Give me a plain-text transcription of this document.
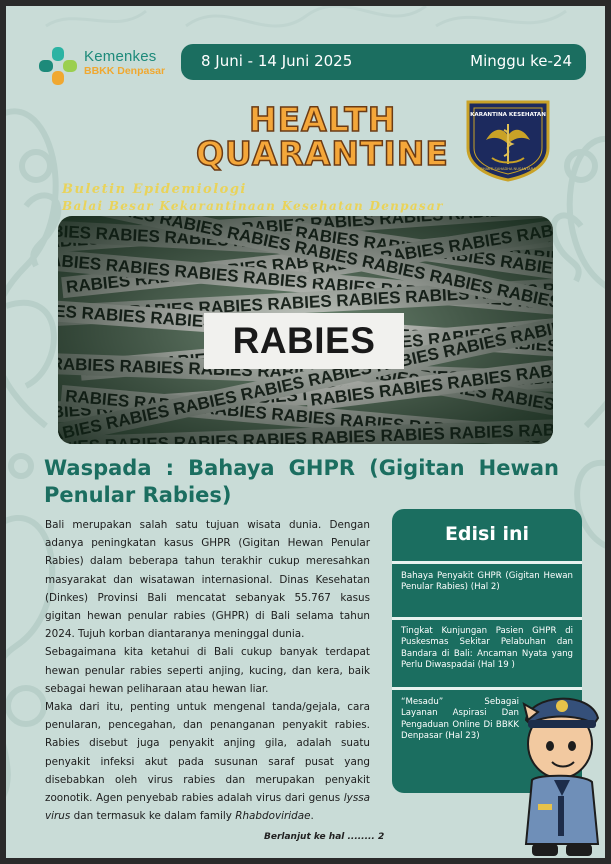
Kemenkes
BBKK Denpasar
8 Juni - 14 Juni 2025	Minggu ke-24
HEALTH
QUARANTINE
KARANTINA KESEHATAN
BHAKTI SAHADHA NUSANTARA
Buletin Epidemiologi
Balai Besar Kekarantinaan Kesehatan Denpasar
RABIES
Waspada : Bahaya GHPR (Gigitan Hewan Penular Rabies)

Bali merupakan salah satu tujuan wisata dunia. Dengan adanya peningkatan kasus GHPR (Gigitan Hewan Penular Rabies) dalam beberapa tahun terakhir cukup meresahkan masyarakat dan wisatawan internasional. Dinas Kesehatan (Dinkes) Provinsi Bali mencatat sebanyak 55.767 kasus gigitan hewan penular rabies (GHPR) di Bali selama tahun 2024. Tujuh korban diantaranya meninggal dunia.

Sebagaimana kita ketahui di Bali cukup banyak terdapat hewan penular rabies seperti anjing, kucing, dan kera, baik sebagai hewan peliharaan atau hewan liar.

Maka dari itu, penting untuk mengenal tanda/gejala, cara penularan, pencegahan, dan penanganan penyakit rabies. Rabies disebut juga penyakit anjing gila, adalah suatu penyakit infeksi akut pada susunan saraf pusat yang disebabkan oleh virus rabies dan merupakan penyakit zoonotik. Agen penyebab rabies adalah virus dari genus lyssa virus dan termasuk ke dalam family Rhabdoviridae.

Berlanjut ke hal ........ 2
Edisi ini
Bahaya Penyakit GHPR (Gigitan Hewan Penular Rabies) (Hal 2)
Tingkat Kunjungan Pasien GHPR di Puskesmas Sekitar Pelabuhan dan Bandara di Bali: Ancaman Nyata yang Perlu Diwaspadai (Hal 19 )
“Mesadu” Sebagai Layanan Aspirasi Dan Pengaduan Online Di BBKK Denpasar (Hal 23)
